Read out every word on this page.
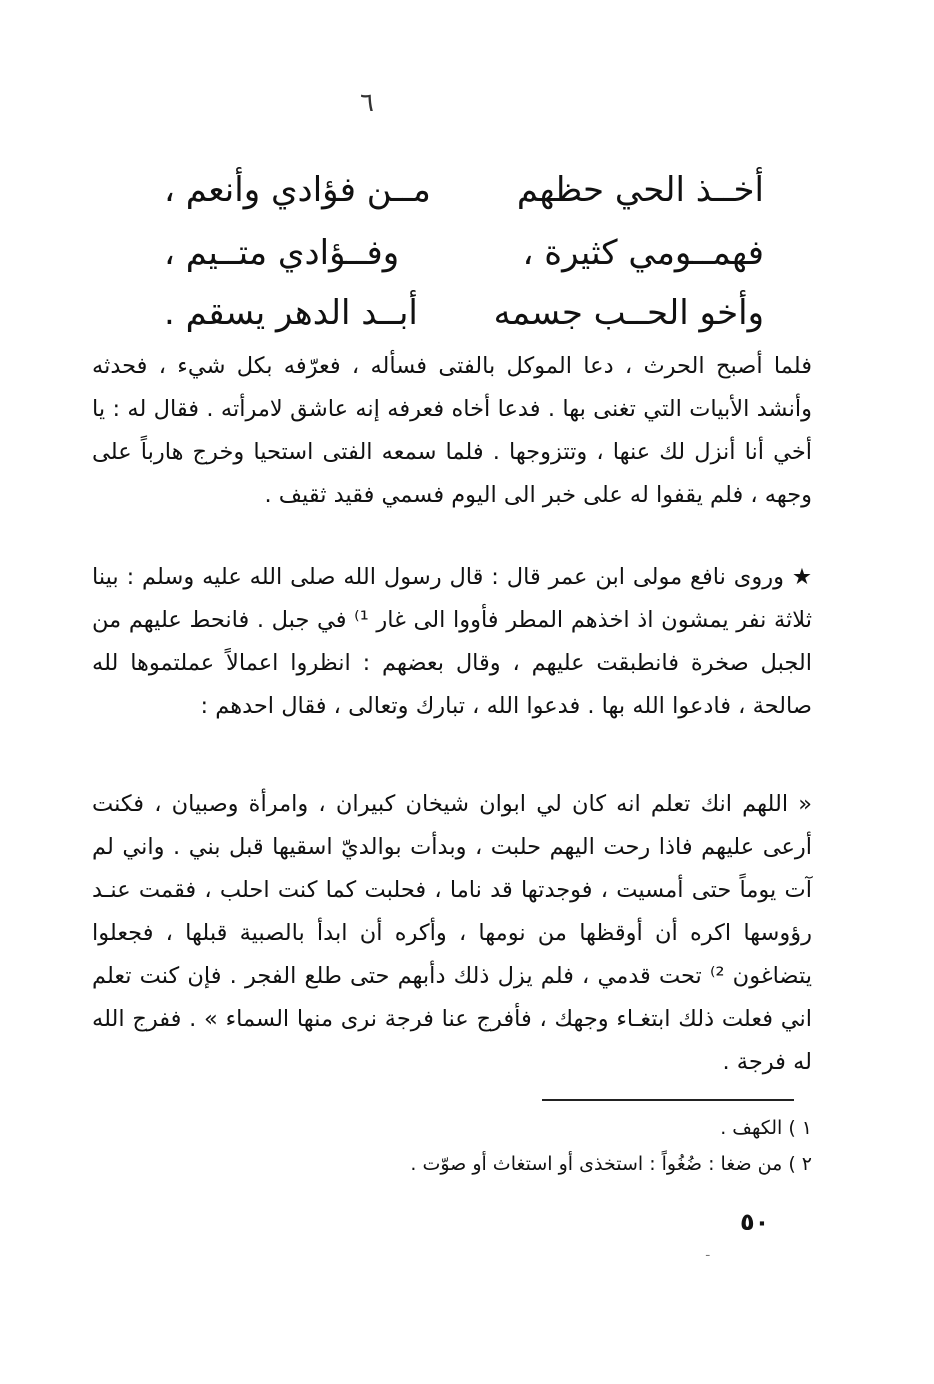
٦
أخــذ الحي حظهم
مــن فؤادي وأنعم ،
فهمــومي كثيرة ،
وفــؤادي متــيم ،
وأخو الحــب جسمه
أبــد الدهر يسقم .

فلما أصبح الحرث ، دعا الموكل بالفتى فسأله ، فعرّفه بكل شيء ، فحدثه وأنشد الأبيات التي تغنى بها . فدعا أخاه فعرفه إنه عاشق لامرأته . فقال له : يا أخي أنا أنزل لك عنها ، وتتزوجها . فلما سمعه الفتى استحيا وخرج هارباً على وجهه ، فلم يقفوا له على خبر الى اليوم فسمي فقيد ثقيف .

★ وروى نافع مولى ابن عمر قال : قال رسول الله صلى الله عليه وسلم : بينا ثلاثة نفر يمشون اذ اخذهم المطر فأووا الى غار ¹⁾ في جبل . فانحط عليهم من الجبل صخرة فانطبقت عليهم ، وقال بعضهم : انظروا اعمالاً عملتموها لله صالحة ، فادعوا الله بها . فدعوا الله ، تبارك وتعالى ، فقال احدهم :

« اللهم انك تعلم انه كان لي ابوان شيخان كبيران ، وامرأة وصبيان ، فكنت أرعى عليهم فاذا رحت اليهم حلبت ، وبدأت بوالديّ اسقيها قبل بني . واني لم آت يوماً حتى أمسيت ، فوجدتها قد ناما ، فحلبت كما كنت احلب ، فقمت عنـد رؤوسها اكره أن أوقظها من نومها ، وأكره أن ابدأ بالصبية قبلها ، فجعلوا يتضاغون ²⁾ تحت قدمي ، فلم يزل ذلك دأبهم حتى طلع الفجر . فإن كنت تعلم اني فعلت ذلك ابتغـاء وجهك ، فأفرج عنا فرجة نرى منها السماء » . ففرج الله له فرجة .

١ ) الكهف .
٢ ) من ضغا : ضُغُواً : استخذى أو استغاث أو صوّت .
٥٠
ـ
